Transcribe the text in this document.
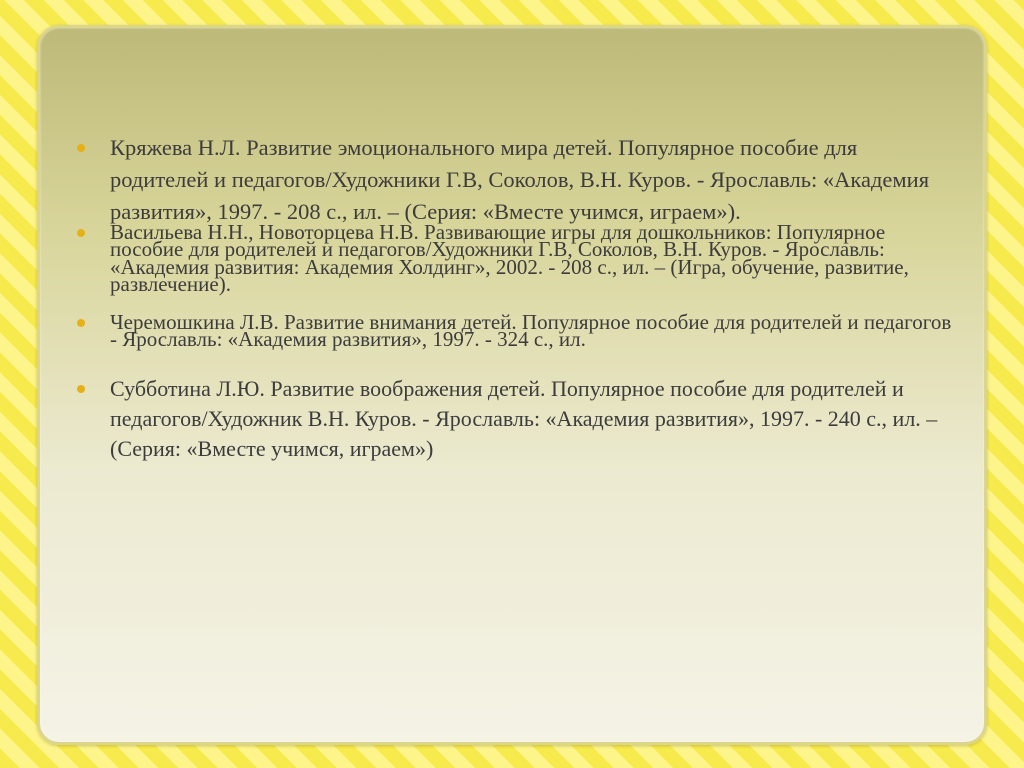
Кряжева Н.Л. Развитие эмоционального мира детей. Популярное пособие для родителей и педагогов/Художники Г.В, Соколов, В.Н. Куров. - Ярославль: «Академия развития», 1997. - 208 с., ил. – (Серия: «Вместе учимся, играем»).
Васильева Н.Н., Новоторцева Н.В. Развивающие игры для дошкольников: Популярное пособие для родителей и педагогов/Художники Г.В, Соколов, В.Н. Куров. - Ярославль: «Академия развития: Академия Холдинг», 2002. - 208 с., ил. – (Игра, обучение, развитие, развлечение).
Черемошкина Л.В. Развитие внимания детей. Популярное пособие для родителей и педагогов - Ярославль: «Академия развития», 1997. - 324 с., ил.
Субботина Л.Ю. Развитие воображения детей. Популярное пособие для родителей и педагогов/Художник В.Н. Куров. - Ярославль: «Академия развития», 1997. - 240 с., ил. – (Серия: «Вместе учимся, играем»)
